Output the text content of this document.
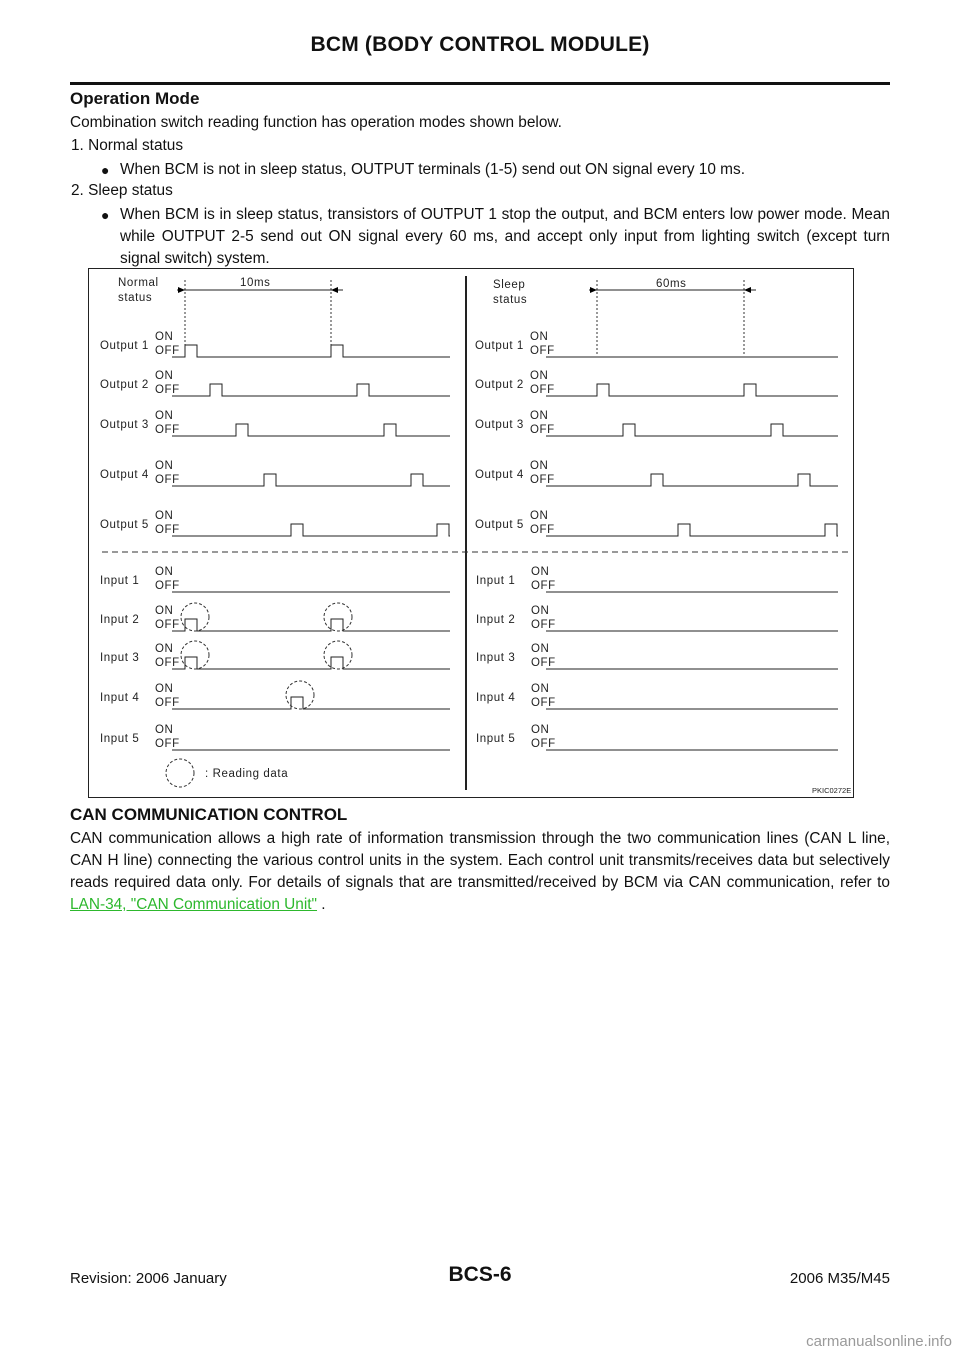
BCM (BODY CONTROL MODULE)
Operation Mode
Combination switch reading function has operation modes shown below.
1. Normal status
● When BCM is not in sleep status, OUTPUT terminals (1-5) send out ON signal every 10 ms.
2. Sleep status
● When BCM is in sleep status, transistors of OUTPUT 1 stop the output, and BCM enters low power mode. Mean while OUTPUT 2-5 send out ON signal every 60 ms, and accept only input from lighting switch (except turn signal switch) system.
Normal
status
10ms	Sleep
status
60ms
Output 1
ON
OFF	Output 1
ON
OFF
Output 2
ON
OFF	Output 2
ON
OFF
Output 3
ON
OFF	Output 3
ON
OFF
Output 4
ON
OFF	Output 4
ON
OFF
Output 5
ON
OFF	Output 5
ON
OFF
Input 1
ON
OFF	Input 1
ON
OFF
Input 2
ON
OFF	Input 2
ON
OFF
Input 3
ON
OFF	Input 3
ON
OFF
Input 4
ON
OFF	Input 4
ON
OFF
Input 5
ON
OFF	Input 5
ON
OFF
: Reading data
PKIC0272E
CAN COMMUNICATION CONTROL
CAN communication allows a high rate of information transmission through the two communication lines (CAN L line, CAN H line) connecting the various control units in the system. Each control unit transmits/receives data but selectively reads required data only. For details of signals that are transmitted/received by BCM via CAN communication, refer to LAN-34, "CAN Communication Unit" .
Revision: 2006 January	BCS-6	2006 M35/M45
carmanualsonline.info
